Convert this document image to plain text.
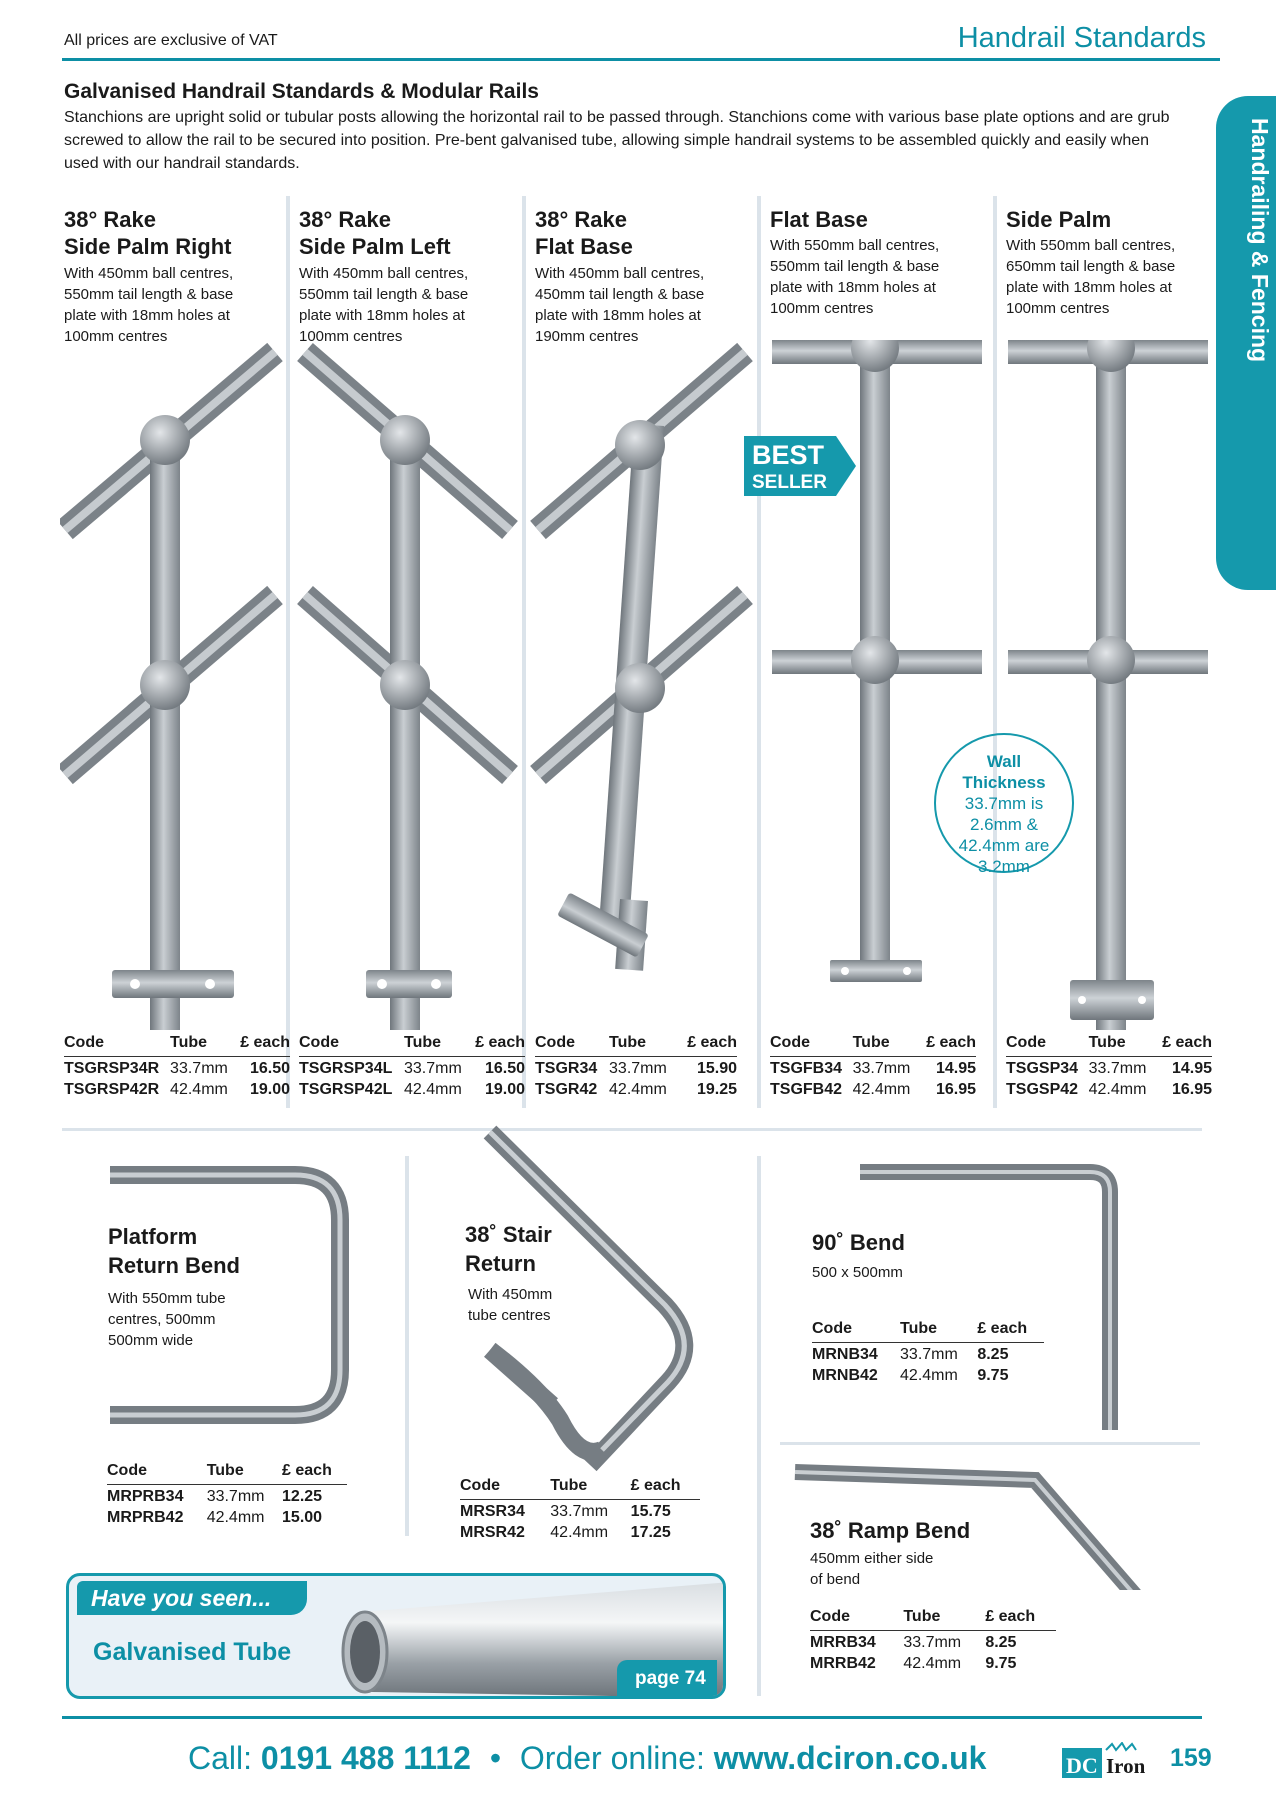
All prices are exclusive of VAT	Handrail Standards
Handrailing & Fencing
Galvanised Handrail Standards & Modular Rails
Stanchions are upright solid or tubular posts allowing the horizontal rail to be passed through. Stanchions come with various base plate options and are grub screwed to allow the rail to be secured into position. Pre-bent galvanised tube, allowing simple handrail systems to be assembled quickly and easily when used with our handrail standards.
38° Rake
Side Palm Right
With 450mm ball centres, 550mm tail length & base plate with 18mm holes at 100mm centres
38° Rake
Side Palm Left
With 450mm ball centres, 550mm tail length & base plate with 18mm holes at 100mm centres
38° Rake
Flat Base
With 450mm ball centres, 450mm tail length & base plate with 18mm holes at 190mm centres
Flat Base
With 550mm ball centres, 550mm tail length & base plate with 18mm holes at 100mm centres
Side Palm
With 550mm ball centres, 650mm tail length & base plate with 18mm holes at 100mm centres
BEST
SELLER
Wall
Thickness
33.7mm is
2.6mm &
42.4mm are
3.2mm
Code	Tube	£ each
TSGRSP34R	33.7mm	16.50
TSGRSP42R	42.4mm	19.00
Code	Tube	£ each
TSGRSP34L	33.7mm	16.50
TSGRSP42L	42.4mm	19.00
Code	Tube	£ each
TSGR34	33.7mm	15.90
TSGR42	42.4mm	19.25
Code	Tube	£ each
TSGFB34	33.7mm	14.95
TSGFB42	42.4mm	16.95
Code	Tube	£ each
TSGSP34	33.7mm	14.95
TSGSP42	42.4mm	16.95
Platform
Return Bend
With 550mm tube
centres, 500mm
500mm wide
Code	Tube	£ each
MRPRB34	33.7mm	12.25
MRPRB42	42.4mm	15.00
38˚ Stair
Return
With 450mm
tube centres
Code	Tube	£ each
MRSR34	33.7mm	15.75
MRSR42	42.4mm	17.25
90˚ Bend
500 x 500mm
Code	Tube	£ each
MRNB34	33.7mm	8.25
MRNB42	42.4mm	9.75
38˚ Ramp Bend
450mm either side
of bend
Code	Tube	£ each
MRRB34	33.7mm	8.25
MRRB42	42.4mm	9.75
Have you seen...
Galvanised Tube
page 74
Call: 0191 488 1112 • Order online: www.dciron.co.uk	DC Iron 159
